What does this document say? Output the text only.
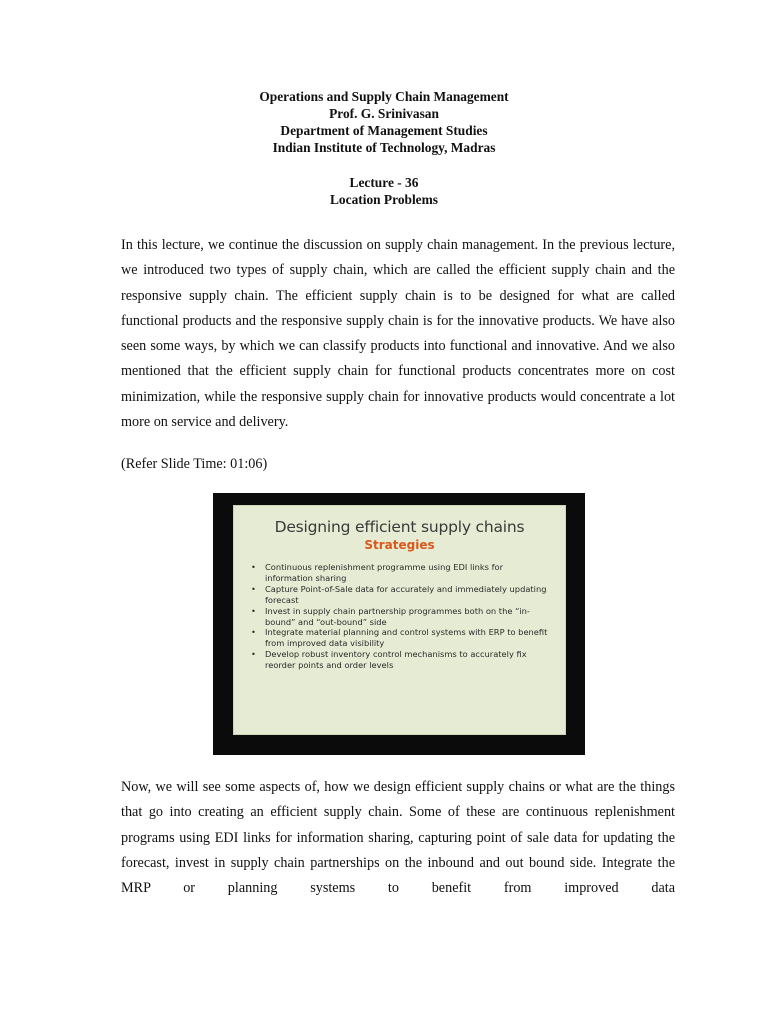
Operations and Supply Chain Management
Prof. G. Srinivasan
Department of Management Studies
Indian Institute of Technology, Madras
Lecture - 36
Location Problems
In this lecture, we continue the discussion on supply chain management. In the previous lecture, we introduced two types of supply chain, which are called the efficient supply chain and the responsive supply chain. The efficient supply chain is to be designed for what are called functional products and the responsive supply chain is for the innovative products. We have also seen some ways, by which we can classify products into functional and innovative. And we also mentioned that the efficient supply chain for functional products concentrates more on cost minimization, while the responsive supply chain for innovative products would concentrate a lot more on service and delivery.
(Refer Slide Time: 01:06)
Designing efficient supply chains
Strategies
• Continuous replenishment programme using EDI links for information sharing
• Capture Point-of-Sale data for accurately and immediately updating forecast
• Invest in supply chain partnership programmes both on the “in-bound” and “out-bound” side
• Integrate material planning and control systems with ERP to benefit from improved data visibility
• Develop robust inventory control mechanisms to accurately fix reorder points and order levels
Now, we will see some aspects of, how we design efficient supply chains or what are the things that go into creating an efficient supply chain. Some of these are continuous replenishment programs using EDI links for information sharing, capturing point of sale data for updating the forecast, invest in supply chain partnerships on the inbound and out bound side. Integrate the MRP or planning systems to benefit from improved data
